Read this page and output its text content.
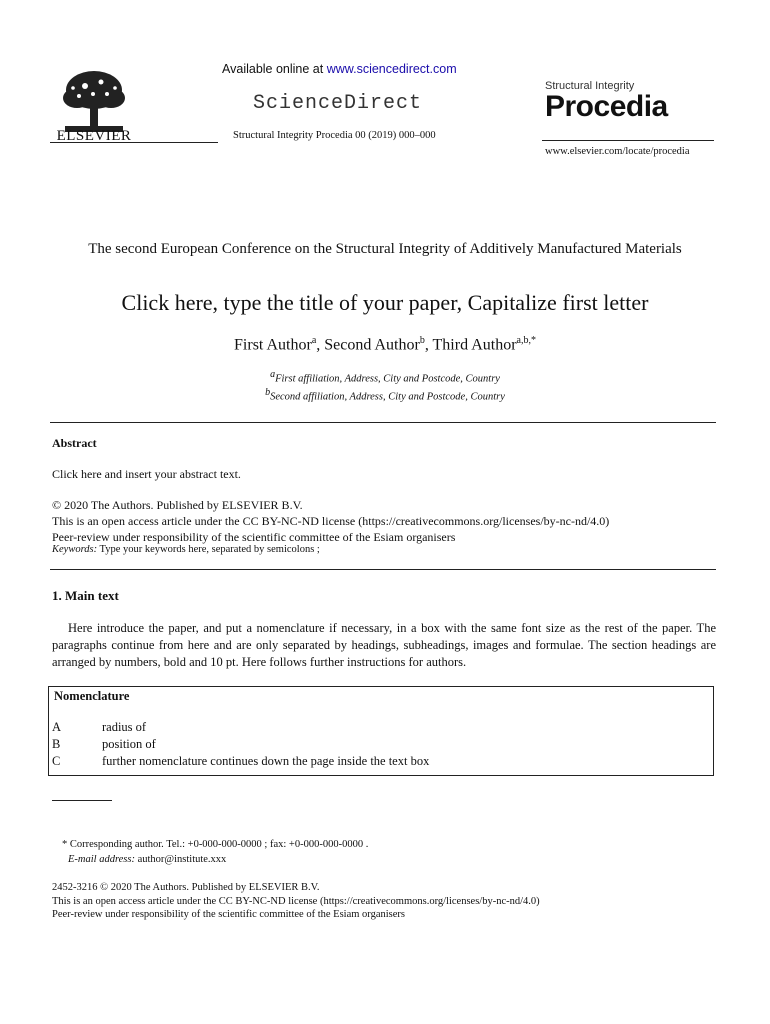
ELSEVIER
Available online at www.sciencedirect.com
ScienceDirect
Structural Integrity Procedia 00 (2019) 000–000
Structural Integrity
Procedia
www.elsevier.com/locate/procedia
The second European Conference on the Structural Integrity of Additively Manufactured Materials
Click here, type the title of your paper, Capitalize first letter
First Author$^a$, Second Author$^b$, Third Author$^{a,b,*}$
$^a$First affiliation, Address, City and Postcode, Country
$^b$Second affiliation, Address, City and Postcode, Country
Abstract
Click here and insert your abstract text.
© 2020 The Authors. Published by ELSEVIER B.V.
This is an open access article under the CC BY-NC-ND license (https://creativecommons.org/licenses/by-nc-nd/4.0)
Peer-review under responsibility of the scientific committee of the Esiam organisers
Keywords: Type your keywords here, separated by semicolons ;
1. Main text
Here introduce the paper, and put a nomenclature if necessary, in a box with the same font size as the rest of the paper. The paragraphs continue from here and are only separated by headings, subheadings, images and formulae. The section headings are arranged by numbers, bold and 10 pt. Here follows further instructions for authors.
Nomenclature
A	radius of
B	position of
C	further nomenclature continues down the page inside the text box
* Corresponding author. Tel.: +0-000-000-0000 ; fax: +0-000-000-0000 .
E-mail address: author@institute.xxx
2452-3216 © 2020 The Authors. Published by ELSEVIER B.V.
This is an open access article under the CC BY-NC-ND license (https://creativecommons.org/licenses/by-nc-nd/4.0)
Peer-review under responsibility of the scientific committee of the Esiam organisers
